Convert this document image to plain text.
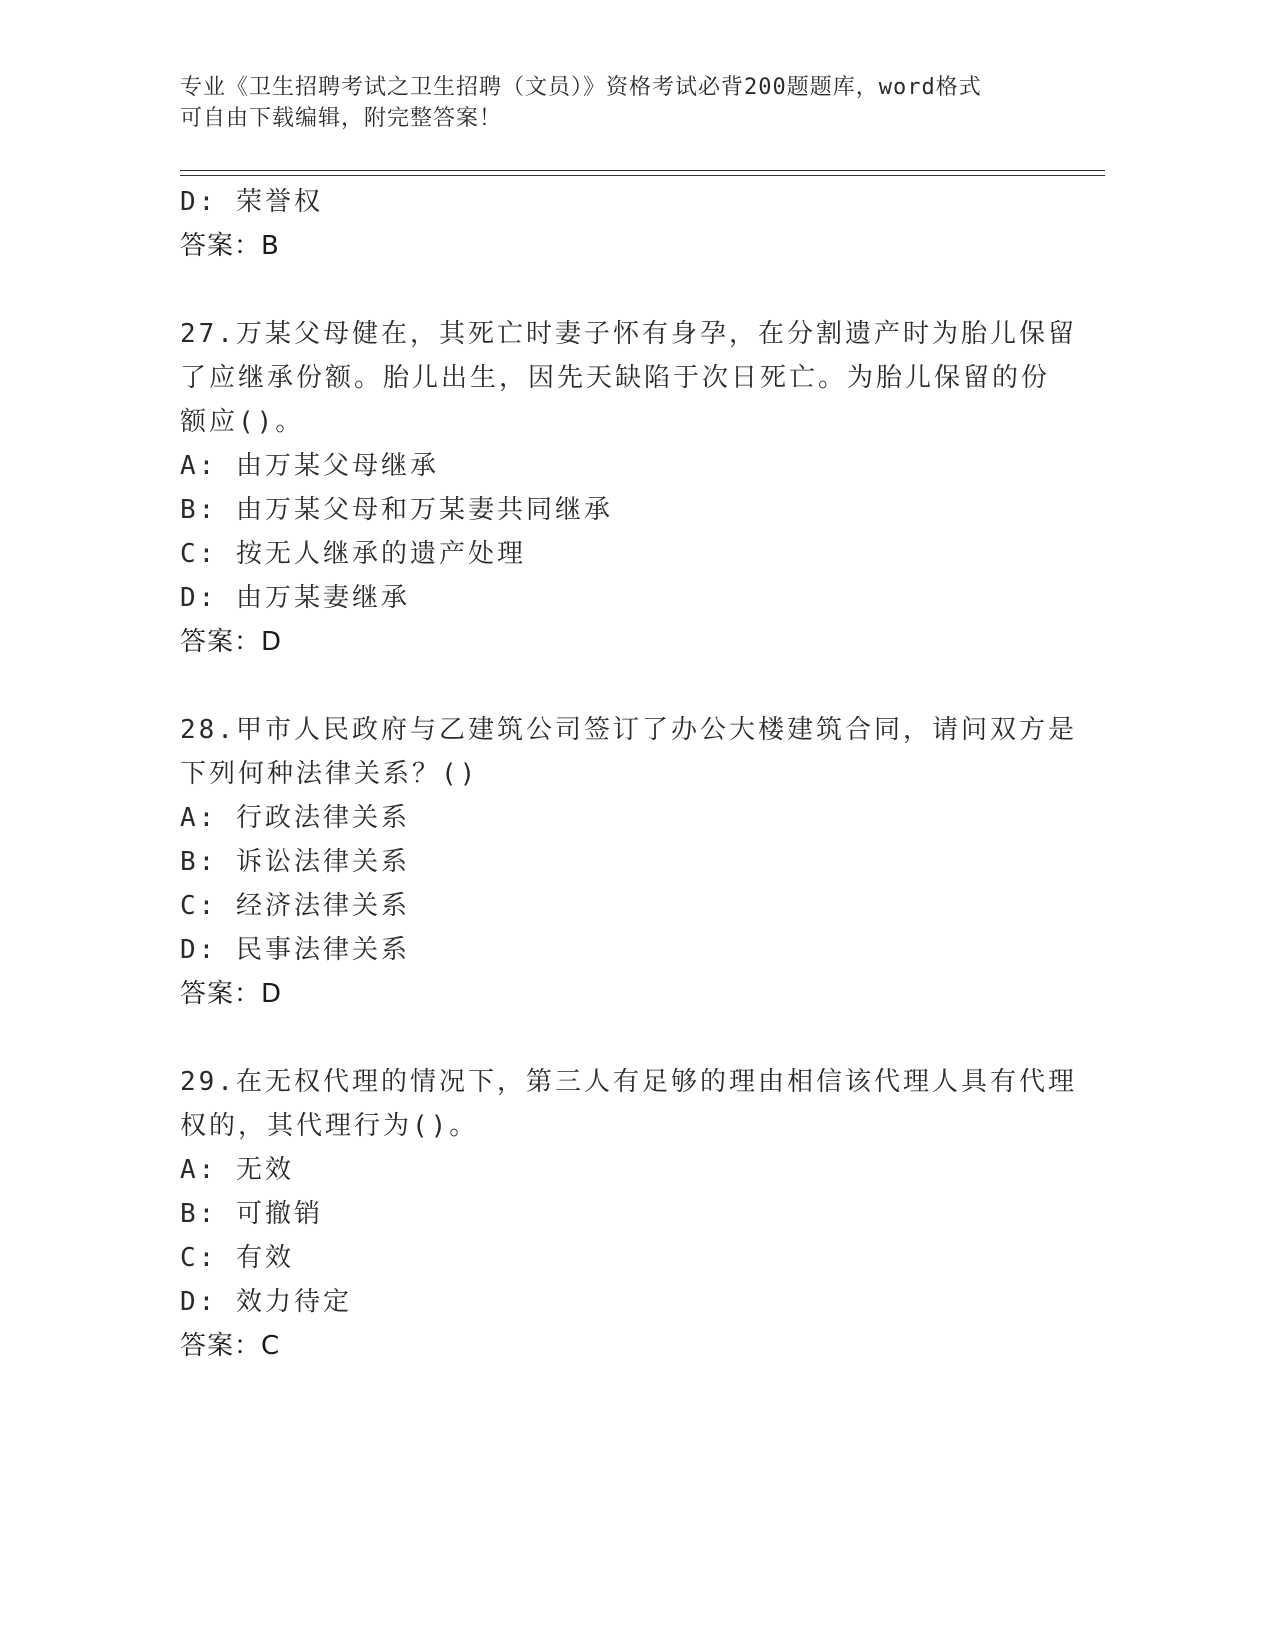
专业《卫生招聘考试之卫生招聘（文员）》资格考试必背200题题库，word格式
可自由下载编辑，附完整答案！
D: 荣誉权
答案：B
27.万某父母健在，其死亡时妻子怀有身孕，在分割遗产时为胎儿保留
了应继承份额。胎儿出生，因先天缺陷于次日死亡。为胎儿保留的份
额应()。
A: 由万某父母继承
B: 由万某父母和万某妻共同继承
C: 按无人继承的遗产处理
D: 由万某妻继承
答案：D
28.甲市人民政府与乙建筑公司签订了办公大楼建筑合同，请问双方是
下列何种法律关系？()
A: 行政法律关系
B: 诉讼法律关系
C: 经济法律关系
D: 民事法律关系
答案：D
29.在无权代理的情况下，第三人有足够的理由相信该代理人具有代理
权的，其代理行为()。
A: 无效
B: 可撤销
C: 有效
D: 效力待定
答案：C
